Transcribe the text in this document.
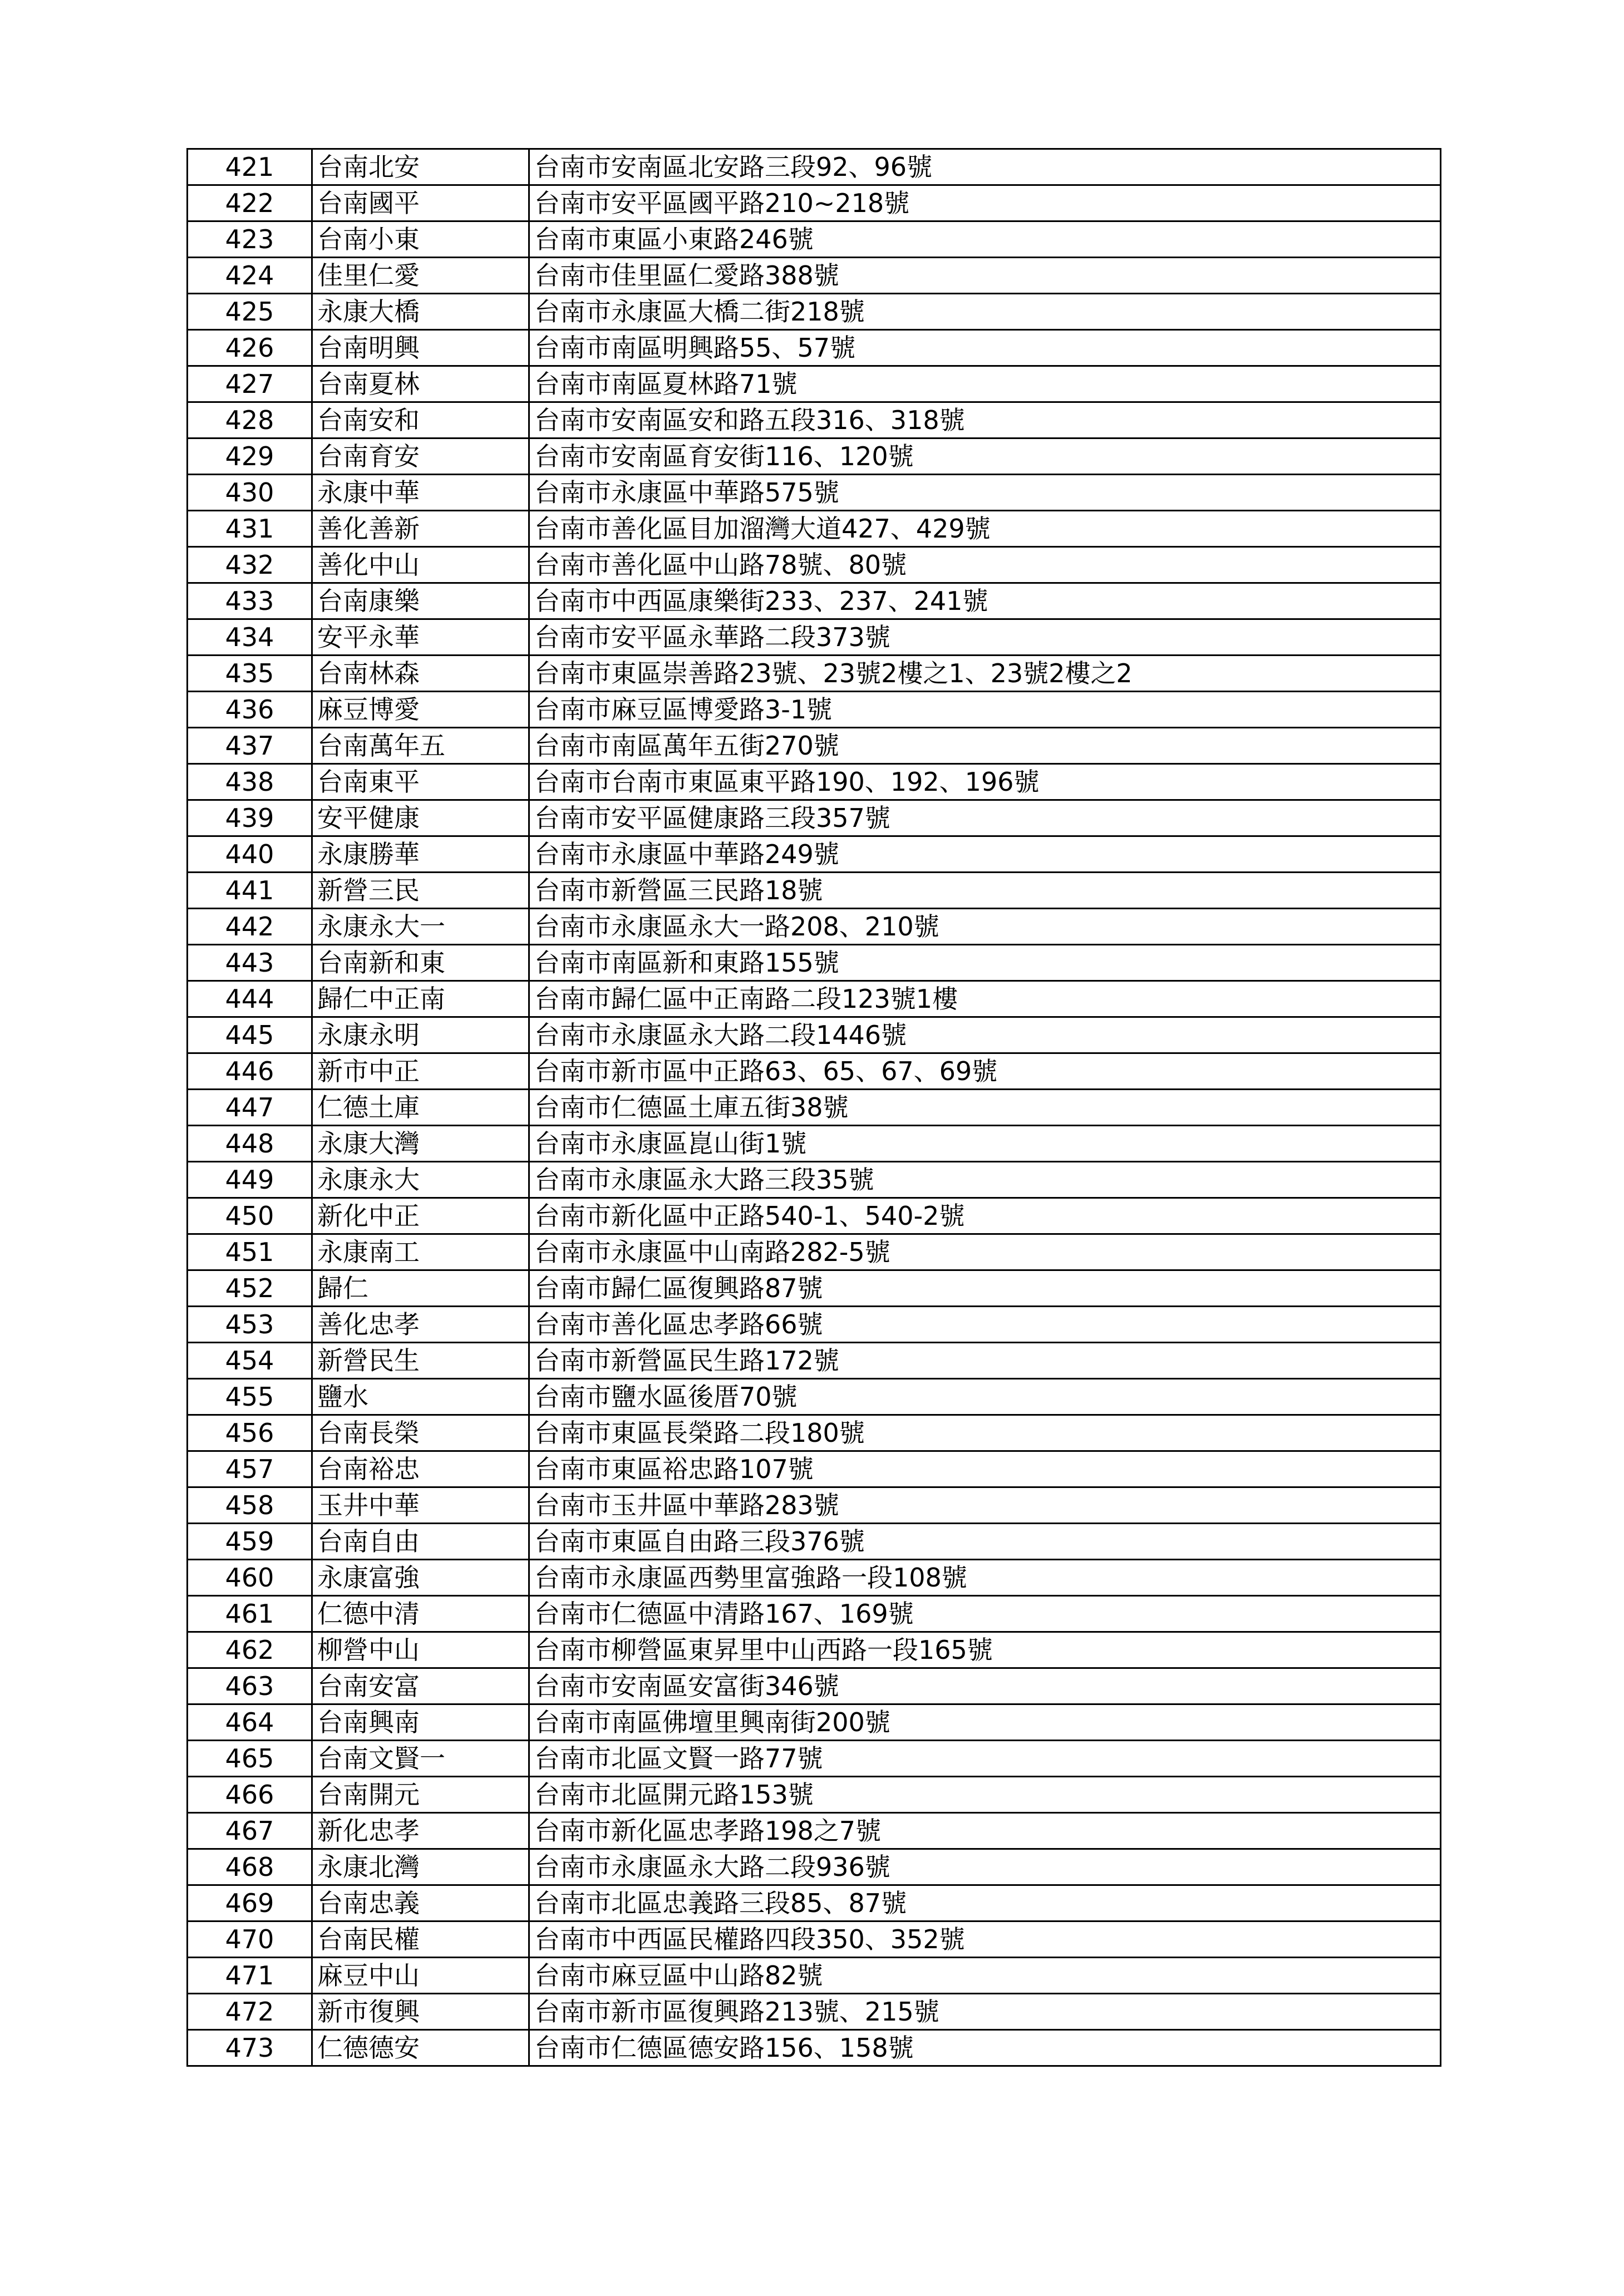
421	台南北安	台南市安南區北安路三段92、96號
422	台南國平	台南市安平區國平路210~218號
423	台南小東	台南市東區小東路246號
424	佳里仁愛	台南市佳里區仁愛路388號
425	永康大橋	台南市永康區大橋二街218號
426	台南明興	台南市南區明興路55、57號
427	台南夏林	台南市南區夏林路71號
428	台南安和	台南市安南區安和路五段316、318號
429	台南育安	台南市安南區育安街116、120號
430	永康中華	台南市永康區中華路575號
431	善化善新	台南市善化區目加溜灣大道427、429號
432	善化中山	台南市善化區中山路78號、80號
433	台南康樂	台南市中西區康樂街233、237、241號
434	安平永華	台南市安平區永華路二段373號
435	台南林森	台南市東區崇善路23號、23號2樓之1、23號2樓之2
436	麻豆博愛	台南市麻豆區博愛路3-1號
437	台南萬年五	台南市南區萬年五街270號
438	台南東平	台南市台南市東區東平路190、192、196號
439	安平健康	台南市安平區健康路三段357號
440	永康勝華	台南市永康區中華路249號
441	新營三民	台南市新營區三民路18號
442	永康永大一	台南市永康區永大一路208、210號
443	台南新和東	台南市南區新和東路155號
444	歸仁中正南	台南市歸仁區中正南路二段123號1樓
445	永康永明	台南市永康區永大路二段1446號
446	新市中正	台南市新市區中正路63、65、67、69號
447	仁德土庫	台南市仁德區土庫五街38號
448	永康大灣	台南市永康區崑山街1號
449	永康永大	台南市永康區永大路三段35號
450	新化中正	台南市新化區中正路540-1、540-2號
451	永康南工	台南市永康區中山南路282-5號
452	歸仁	台南市歸仁區復興路87號
453	善化忠孝	台南市善化區忠孝路66號
454	新營民生	台南市新營區民生路172號
455	鹽水	台南市鹽水區後厝70號
456	台南長榮	台南市東區長榮路二段180號
457	台南裕忠	台南市東區裕忠路107號
458	玉井中華	台南市玉井區中華路283號
459	台南自由	台南市東區自由路三段376號
460	永康富強	台南市永康區西勢里富強路一段108號
461	仁德中清	台南市仁德區中清路167、169號
462	柳營中山	台南市柳營區東昇里中山西路一段165號
463	台南安富	台南市安南區安富街346號
464	台南興南	台南市南區佛壇里興南街200號
465	台南文賢一	台南市北區文賢一路77號
466	台南開元	台南市北區開元路153號
467	新化忠孝	台南市新化區忠孝路198之7號
468	永康北灣	台南市永康區永大路二段936號
469	台南忠義	台南市北區忠義路三段85、87號
470	台南民權	台南市中西區民權路四段350、352號
471	麻豆中山	台南市麻豆區中山路82號
472	新市復興	台南市新市區復興路213號、215號
473	仁德德安	台南市仁德區德安路156、158號
